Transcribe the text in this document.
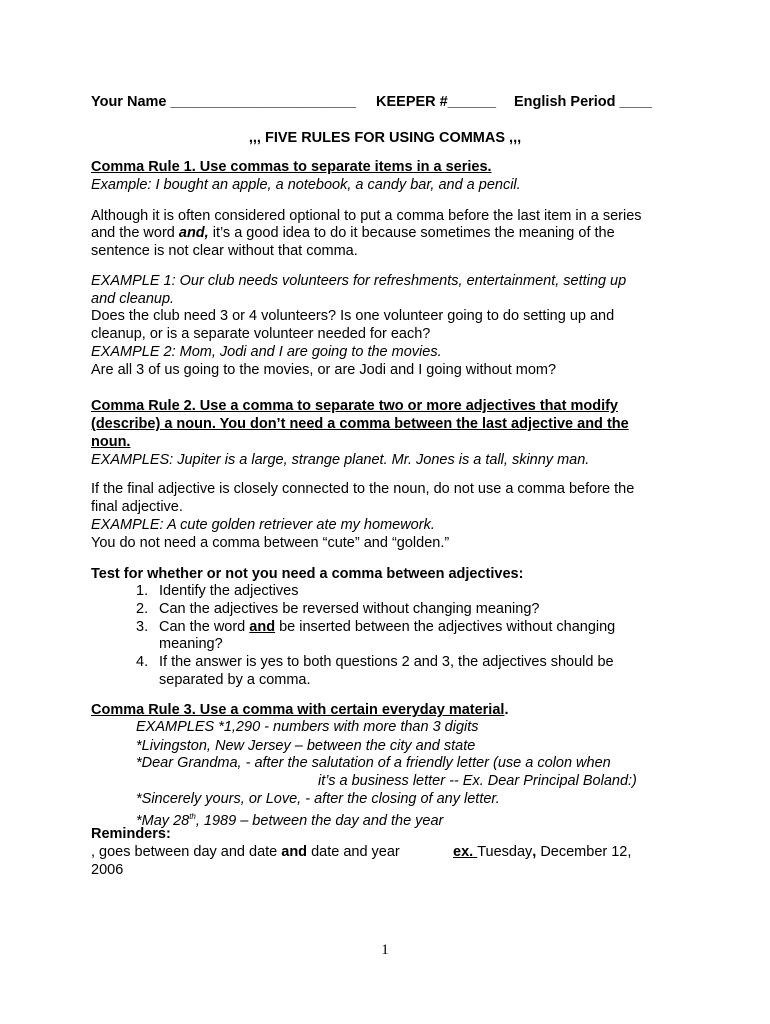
Your Name _______________________ KEEPER #______ English Period ____
,,, FIVE RULES FOR USING COMMAS ,,,
Comma Rule 1. Use commas to separate items in a series.
Example: I bought an apple, a notebook, a candy bar, and a pencil.
Although it is often considered optional to put a comma before the last item in a series
and the word and, it’s a good idea to do it because sometimes the meaning of the
sentence is not clear without that comma.
EXAMPLE 1: Our club needs volunteers for refreshments, entertainment, setting up
and cleanup.
Does the club need 3 or 4 volunteers? Is one volunteer going to do setting up and
cleanup, or is a separate volunteer needed for each?
EXAMPLE 2: Mom, Jodi and I are going to the movies.
Are all 3 of us going to the movies, or are Jodi and I going without mom?
Comma Rule 2. Use a comma to separate two or more adjectives that modify
(describe) a noun. You don’t need a comma between the last adjective and the
noun.
EXAMPLES: Jupiter is a large, strange planet. Mr. Jones is a tall, skinny man.
If the final adjective is closely connected to the noun, do not use a comma before the
final adjective.
EXAMPLE: A cute golden retriever ate my homework.
You do not need a comma between “cute” and “golden.”
Test for whether or not you need a comma between adjectives:
1. Identify the adjectives
2. Can the adjectives be reversed without changing meaning?
3. Can the word and be inserted between the adjectives without changing
meaning?
4. If the answer is yes to both questions 2 and 3, the adjectives should be
separated by a comma.
Comma Rule 3. Use a comma with certain everyday material.
EXAMPLES *1,290 - numbers with more than 3 digits
*Livingston, New Jersey – between the city and state
*Dear Grandma, - after the salutation of a friendly letter (use a colon when
it’s a business letter -- Ex. Dear Principal Boland:)
*Sincerely yours, or Love, - after the closing of any letter.
*May 28th, 1989 – between the day and the year
Reminders:
, goes between day and date and date and year	ex. Tuesday, December 12,
2006
1
